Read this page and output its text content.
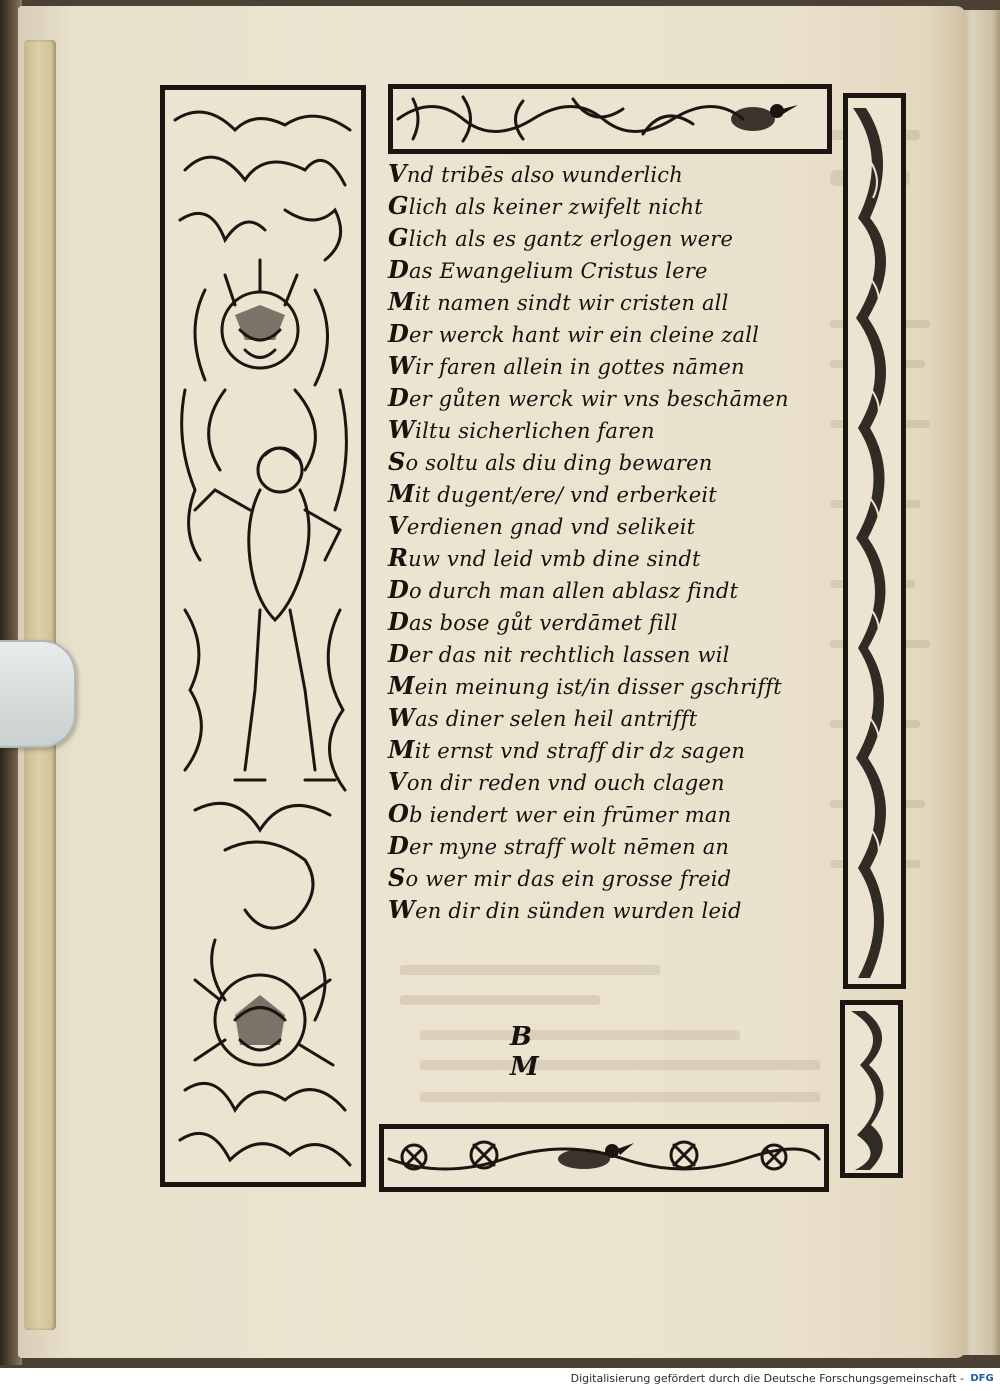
Vnd tribēs also wunderlich
Glich als keiner zwifelt nicht
Glich als es gantz erlogen were
Das Ewangelium Cristus lere
Mit namen sindt wir cristen all
Der werck hant wir ein cleine zall
Wir faren allein in gottes nāmen
Der gůten werck wir vns beschāmen
Wiltu sicherlichen faren
So soltu als diu ding bewaren
Mit dugent/ere/ vnd erberkeit
Verdienen gnad vnd selikeit
Ruw vnd leid vmb dine sindt
Do durch man allen ablasz findt
Das bose gůt verdāmet fill
Der das nit rechtlich lassen wil
Mein meinung ist/in disser gschrifft
Was diner selen heil antrifft
Mit ernst vnd straff dir dz sagen
Von dir reden vnd ouch clagen
Ob iendert wer ein frūmer man
Der myne straff wolt nēmen an
So wer mir das ein grosse freid
Wen dir din sünden wurden leid
BM
Digitalisierung gefördert durch die Deutsche Forschungsgemeinschaft - DFG
